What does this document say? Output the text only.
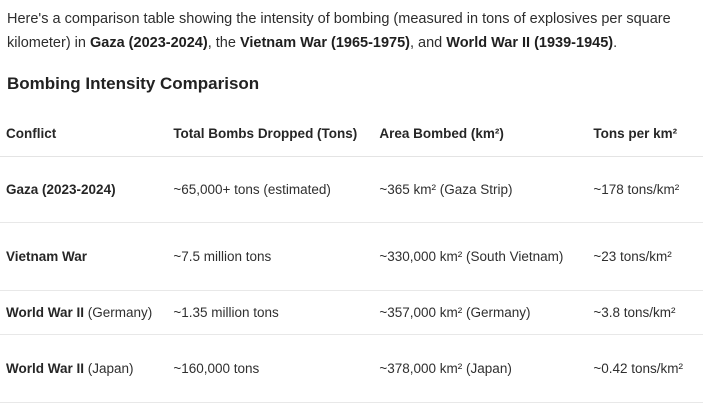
Here's a comparison table showing the intensity of bombing (measured in tons of explosives per square kilometer) in Gaza (2023-2024), the Vietnam War (1965-1975), and World War II (1939-1945).
Bombing Intensity Comparison
Conflict	Total Bombs Dropped (Tons)	Area Bombed (km²)	Tons per km²
Gaza (2023-2024)	~65,000+ tons (estimated)	~365 km² (Gaza Strip)	~178 tons/km²
Vietnam War	~7.5 million tons	~330,000 km² (South Vietnam)	~23 tons/km²
World War II (Germany)	~1.35 million tons	~357,000 km² (Germany)	~3.8 tons/km²
World War II (Japan)	~160,000 tons	~378,000 km² (Japan)	~0.42 tons/km²
